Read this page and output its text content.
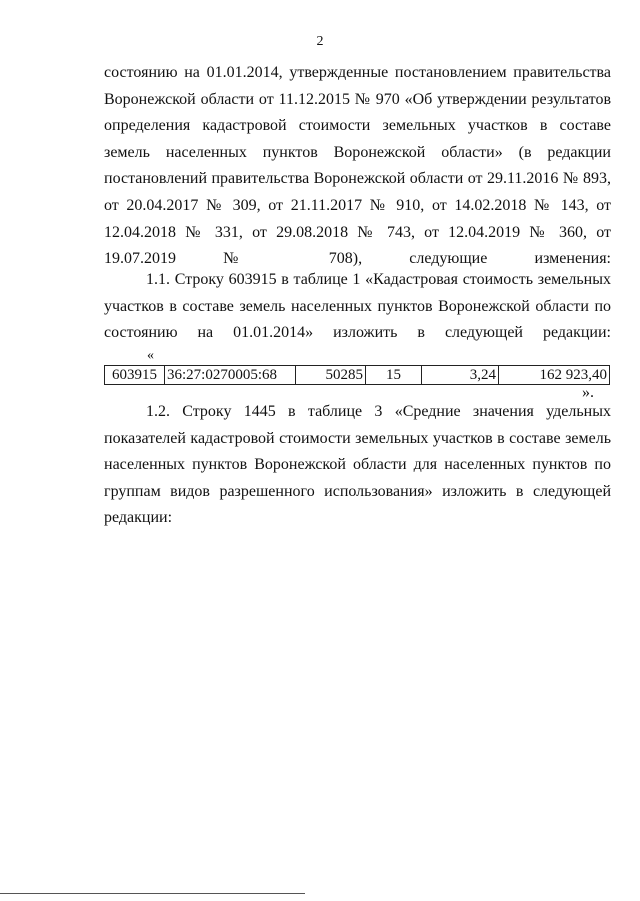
2

состоянию на 01.01.2014, утвержденные постановлением правительства Воронежской области от 11.12.2015 № 970 «Об утверждении результатов определения кадастровой стоимости земельных участков в составе земель населенных пунктов Воронежской области» (в редакции постановлений правительства Воронежской области от 29.11.2016 № 893, от 20.04.2017 № 309, от 21.11.2017 № 910, от 14.02.2018 № 143, от 12.04.2018 № 331, от 29.08.2018 № 743, от 12.04.2019 № 360, от 19.07.2019 № 708), следующие изменения:

1.1. Строку 603915 в таблице 1 «Кадастровая стоимость земельных участков в составе земель населенных пунктов Воронежской области по состоянию на 01.01.2014» изложить в следующей редакции:

«
603915	36:27:0270005:68	50285	15	3,24	162 923,40
».

1.2. Строку 1445 в таблице 3 «Средние значения удельных показателей кадастровой стоимости земельных участков в составе земель населенных пунктов Воронежской области для населенных пунктов по группам видов разрешенного использования» изложить в следующей редакции:
